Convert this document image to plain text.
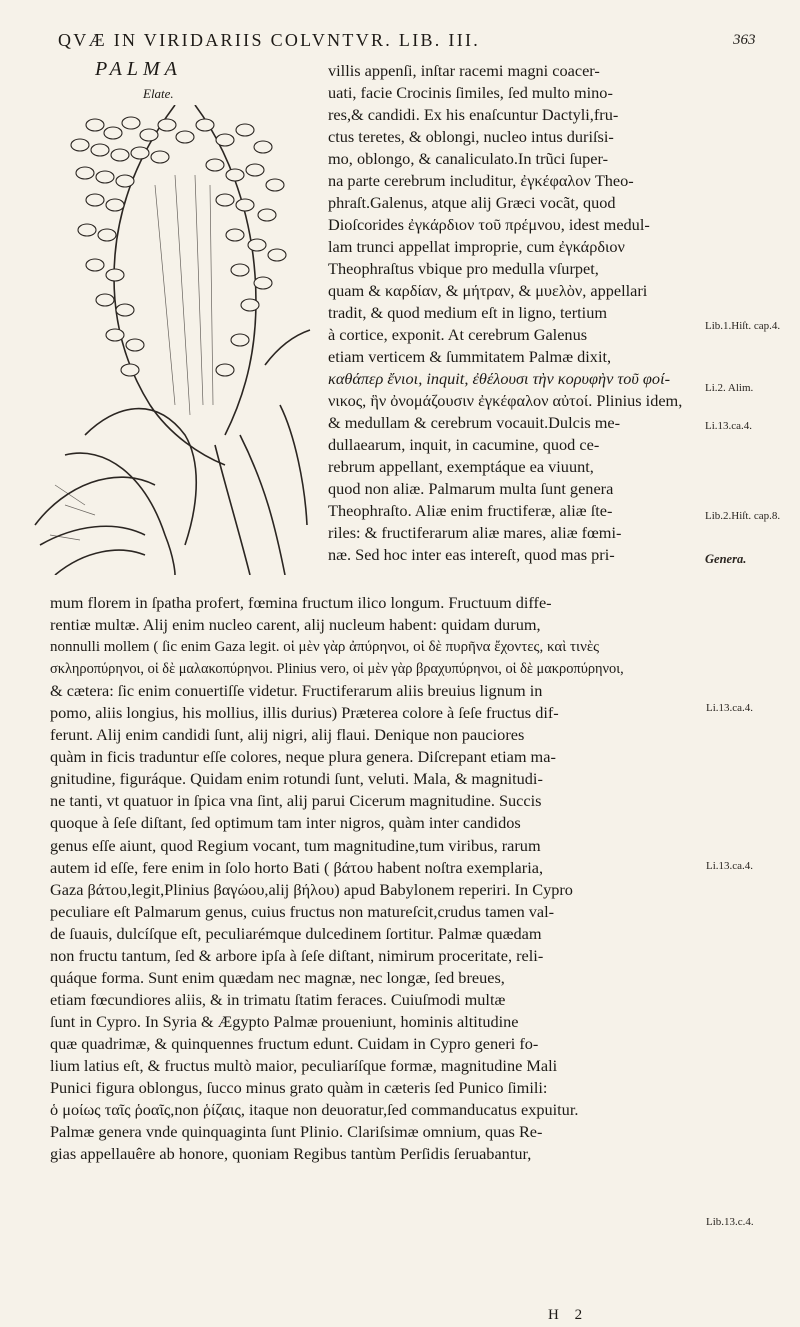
QVÆ IN VIRIDARIIS COLVNTVR. LIB. III.	363
PALMA
Elate.
villis appenſi, inſtar racemi magni coacer-
uati, facie Crocinis ſimiles, ſed multo mino-
res,& candidi. Ex his enaſcuntur Dactyli,fru-
ctus teretes, & oblongi, nucleo intus duriſsi-
mo, oblongo, & canaliculato.In trũci ſuper-
na parte cerebrum includitur, ἐγκέφαλον Theo-
phraſt.Galenus, atque alij Græci vocãt, quod
Dioſcorides ἐγκάρδιον τοῦ πρέμνου, idest medul-
lam trunci appellat improprie, cum ἐγκάρδιον
Theophraſtus vbique pro medulla vſurpet,
quam & καρδίαν, & μήτραν, & μυελὸν, appellari
tradit, & quod medium eſt in ligno, tertium
à cortice, exponit. At cerebrum Galenus
etiam verticem & ſummitatem Palmæ dixit,
καθάπερ ἔνιοι, inquit, ἐθέλουσι τὴν κορυφὴν τοῦ φοί-
νικος, ἣν ὀνομάζουσιν ἐγκέφαλον αὐτοί. Plinius idem,
& medullam & cerebrum vocauit.Dulcis me-
dullaearum, inquit, in cacumine, quod ce-
rebrum appellant, exemptáque ea viuunt,
quod non aliæ. Palmarum multa ſunt genera
Theophraſto. Aliæ enim fructiferæ, aliæ ſte-
riles: & fructiferarum aliæ mares, aliæ fœmi-
næ. Sed hoc inter eas intereſt, quod mas pri-
mum florem in ſpatha profert, fœmina fructum ilico longum. Fructuum diffe-
rentiæ multæ. Alij enim nucleo carent, alij nucleum habent: quidam durum,
nonnulli mollem ( ſic enim Gaza legit. οἱ μὲν γὰρ ἀπύρηνοι, οἱ δὲ πυρῆνα ἔχοντες, καὶ τινὲς
σκληροπύρηνοι, οἱ δὲ μαλακοπύρηνοι. Plinius vero, οἱ μὲν γὰρ βραχυπύρηνοι, οἱ δὲ μακροπύρηνοι,
& cætera: ſic enim conuertiſſe videtur. Fructiferarum aliis breuius lignum in
pomo, aliis longius, his mollius, illis durius) Præterea colore à ſeſe fructus dif-
ferunt. Alij enim candidi ſunt, alij nigri, alij flaui. Denique non pauciores
quàm in ficis traduntur eſſe colores, neque plura genera. Diſcrepant etiam ma-
gnitudine, figuráque. Quidam enim rotundi ſunt, veluti. Mala, & magnitudi-
ne tanti, vt quatuor in ſpica vna ſint, alij parui Cicerum magnitudine. Succis
quoque à ſeſe diſtant, ſed optimum tam inter nigros, quàm inter candidos
genus eſſe aiunt, quod Regium vocant, tum magnitudine,tum viribus, rarum
autem id eſſe, fere enim in ſolo horto Bati ( βάτου habent noſtra exemplaria,
Gaza βάτου,legit,Plinius βαγώου,alij βήλου) apud Babylonem reperiri. In Cypro
peculiare eſt Palmarum genus, cuius fructus non matureſcit,crudus tamen val-
de ſuauis, dulcíſque eſt, peculiarémque dulcedinem ſortitur. Palmæ quædam
non fructu tantum, ſed & arbore ipſa à ſeſe diſtant, nimirum proceritate, reli-
quáque forma. Sunt enim quædam nec magnæ, nec longæ, ſed breues,
etiam fœcundiores aliis, & in trimatu ſtatim feraces. Cuiuſmodi multæ
ſunt in Cypro. In Syria & Ægypto Palmæ proueniunt, hominis altitudine
quæ quadrimæ, & quinquennes fructum edunt. Cuidam in Cypro generi fo-
lium latius eſt, & fructus multò maior, peculiaríſque formæ, magnitudine Mali
Punici figura oblongus, ſucco minus grato quàm in cæteris ſed Punico ſimili:
ὁ μοίως ταῖς ῥοαῖς,non ῥίζαις, itaque non deuoratur,ſed commanducatus expuitur.
Palmæ genera vnde quinquaginta ſunt Plinio. Clariſsimæ omnium, quas Re-
gias appellauêre ab honore, quoniam Regibus tantùm Perſidis ſeruabantur,
Lib.1.Hiſt. cap.4.
Li.2. Alim.
Li.13.ca.4.
Lib.2.Hiſt. cap.8.
Genera.
Li.13.ca.4.
Li.13.ca.4.
Lib.13.c.4.
H 2
